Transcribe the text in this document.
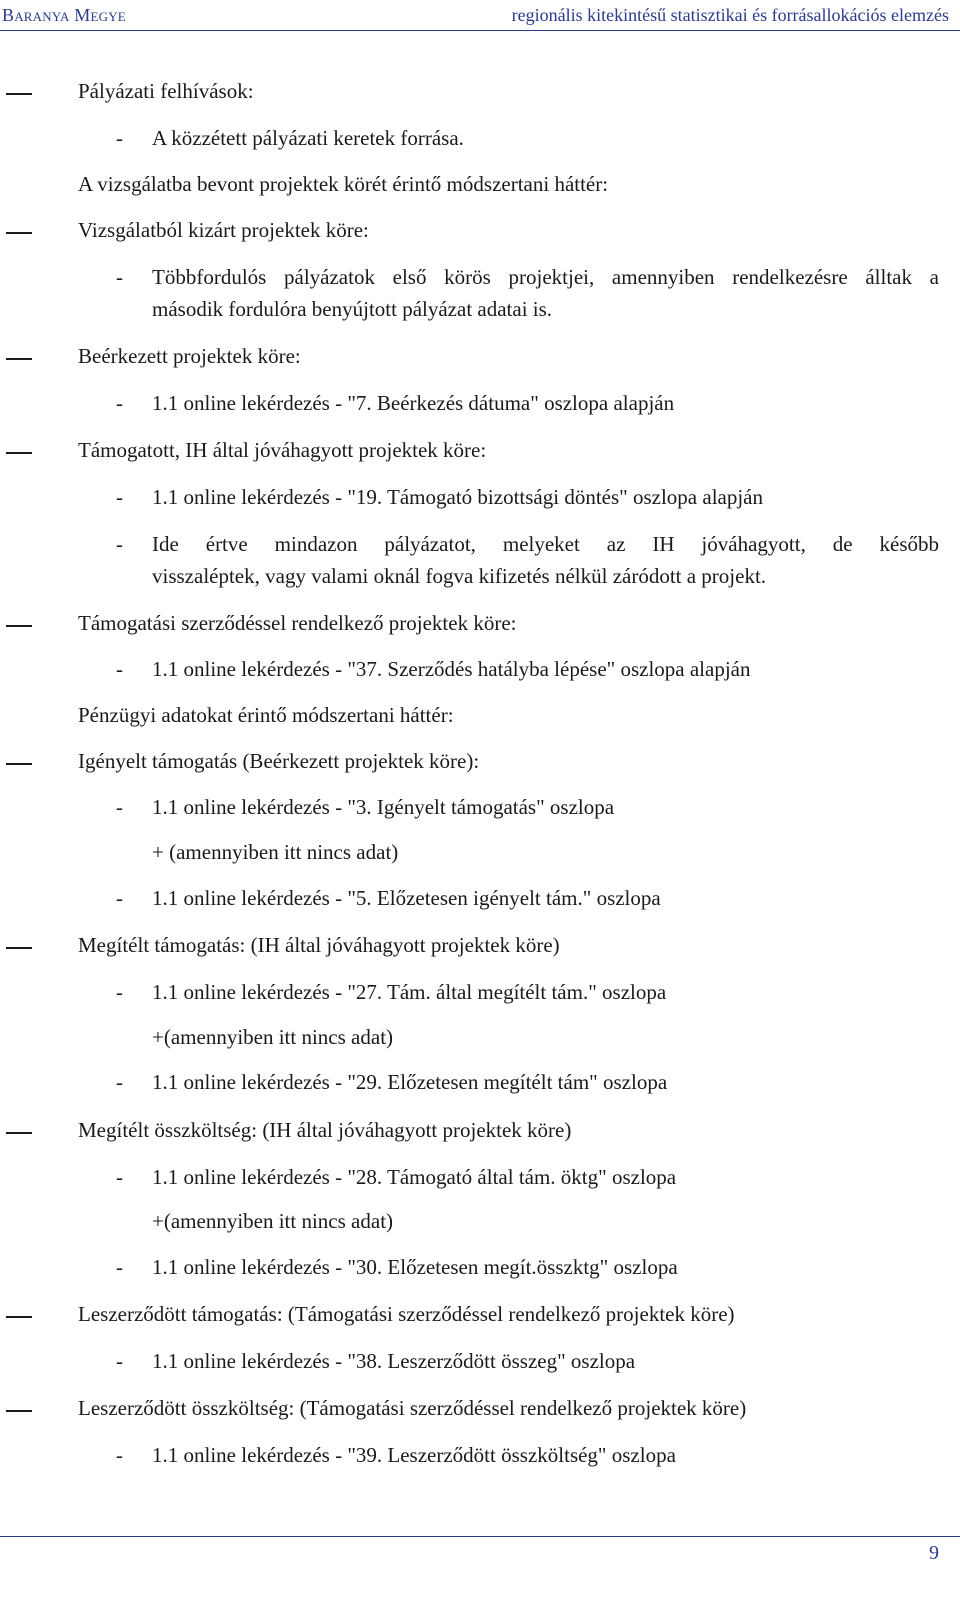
Baranya Megye	regionális kitekintésű statisztikai és forrásallokációs elemzés
Pályázati felhívások:
- A közzétett pályázati keretek forrása.
A vizsgálatba bevont projektek körét érintő módszertani háttér:
Vizsgálatból kizárt projektek köre:
- Többfordulós pályázatok első körös projektjei, amennyiben rendelkezésre álltak a
második fordulóra benyújtott pályázat adatai is.
Beérkezett projektek köre:
- 1.1 online lekérdezés - "7. Beérkezés dátuma" oszlopa alapján
Támogatott, IH által jóváhagyott projektek köre:
- 1.1 online lekérdezés - "19. Támogató bizottsági döntés" oszlopa alapján
- Ide értve mindazon pályázatot, melyeket az IH jóváhagyott, de később
visszaléptek, vagy valami oknál fogva kifizetés nélkül záródott a projekt.
Támogatási szerződéssel rendelkező projektek köre:
- 1.1 online lekérdezés - "37. Szerződés hatályba lépése" oszlopa alapján
Pénzügyi adatokat érintő módszertani háttér:
Igényelt támogatás (Beérkezett projektek köre):
- 1.1 online lekérdezés - "3. Igényelt támogatás" oszlopa
+ (amennyiben itt nincs adat)
- 1.1 online lekérdezés - "5. Előzetesen igényelt tám." oszlopa
Megítélt támogatás: (IH által jóváhagyott projektek köre)
- 1.1 online lekérdezés - "27. Tám. által megítélt tám." oszlopa
+(amennyiben itt nincs adat)
- 1.1 online lekérdezés - "29. Előzetesen megítélt tám" oszlopa
Megítélt összköltség: (IH által jóváhagyott projektek köre)
- 1.1 online lekérdezés - "28. Támogató által tám. öktg" oszlopa
+(amennyiben itt nincs adat)
- 1.1 online lekérdezés - "30. Előzetesen megít.összktg" oszlopa
Leszerződött támogatás: (Támogatási szerződéssel rendelkező projektek köre)
- 1.1 online lekérdezés - "38. Leszerződött összeg" oszlopa
Leszerződött összköltség: (Támogatási szerződéssel rendelkező projektek köre)
- 1.1 online lekérdezés - "39. Leszerződött összköltség" oszlopa
9
